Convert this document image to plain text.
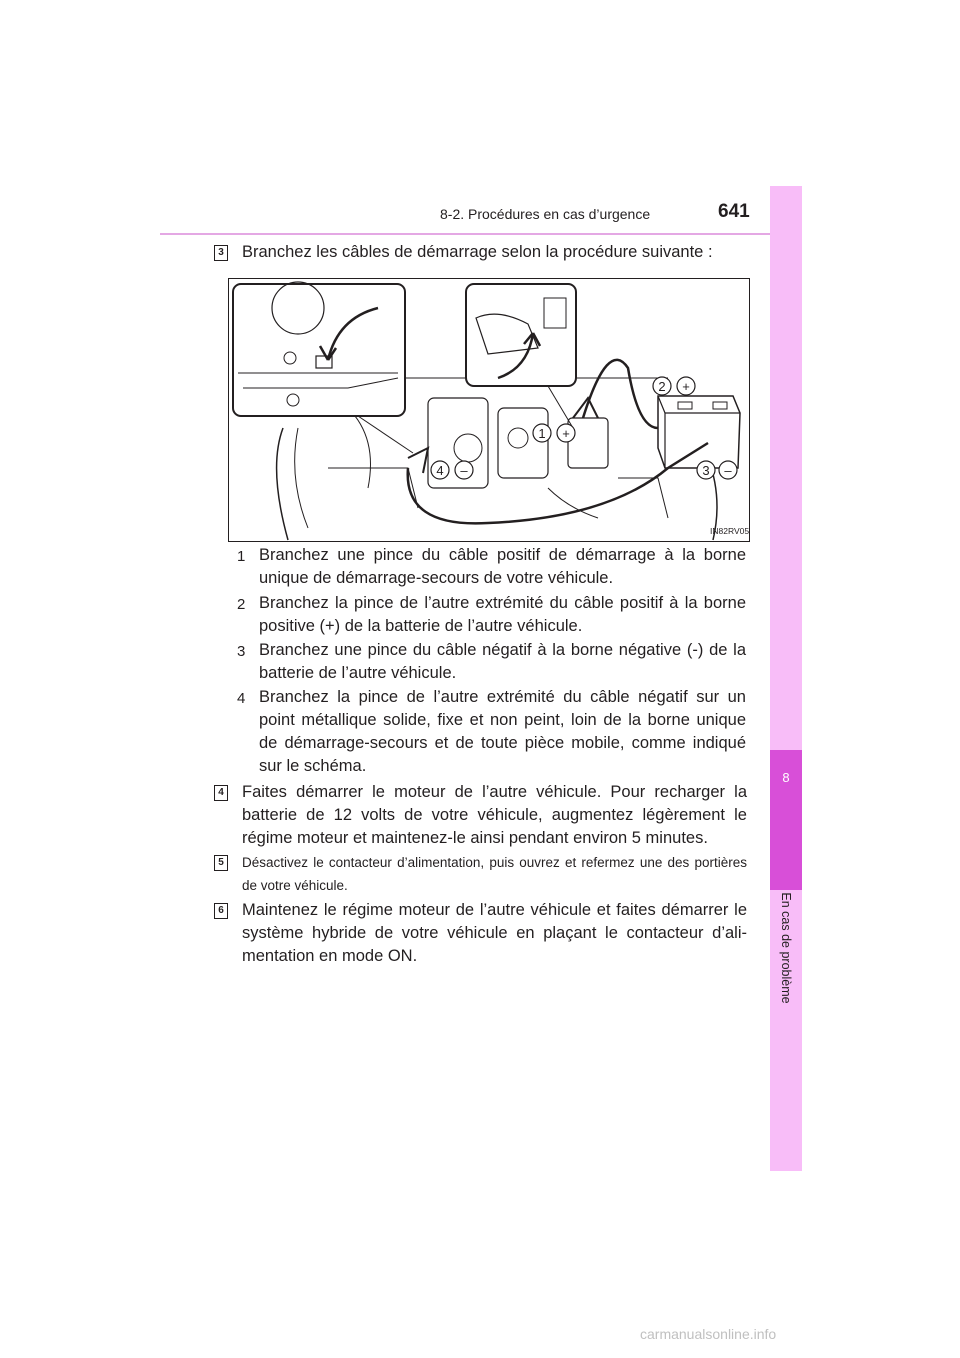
8-2. Procédures en cas d’urgence	641
8
En cas de problème
3 Branchez les câbles de démarrage selon la procédure suivante :
1
2
3
4
+
+
–
–
IN82RV051
1 Branchez une pince du câble positif de démarrage à la borne unique de démarrage-secours de votre véhicule.
2 Branchez la pince de l’autre extrémité du câble positif à la borne positive (+) de la batterie de l’autre véhicule.
3 Branchez une pince du câble négatif à la borne négative (-) de la batterie de l’autre véhicule.
4 Branchez la pince de l’autre extrémité du câble négatif sur un point métallique solide, fixe et non peint, loin de la borne unique de démarrage-secours et de toute pièce mobile, comme indiqué sur le schéma.
4 Faites démarrer le moteur de l’autre véhicule. Pour recharger la batterie de 12 volts de votre véhicule, augmentez légèrement le régime moteur et maintenez-le ainsi pendant environ 5 minutes.
5	Désactivez le contacteur d’alimentation, puis ouvrez et refermez une des portières de votre véhicule.
6 Maintenez le régime moteur de l’autre véhicule et faites démarrer le système hybride de votre véhicule en plaçant le contacteur d’ali-mentation en mode ON.
carmanualsonline.info
